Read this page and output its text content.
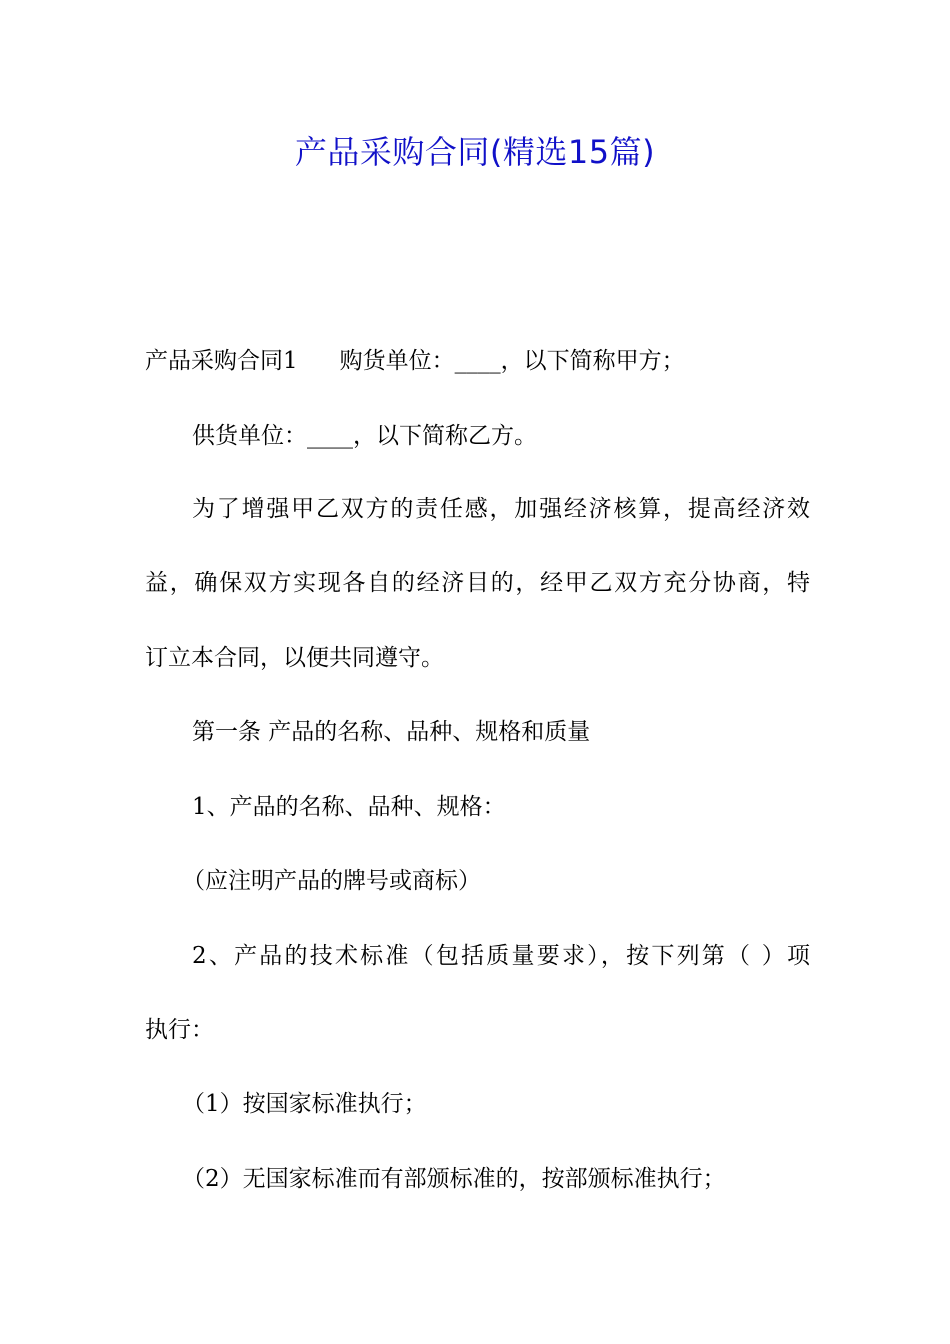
产品采购合同(精选15篇)
产品采购合同1 购货单位：____，以下简称甲方；
供货单位：____，以下简称乙方。
为了增强甲乙双方的责任感，加强经济核算，提高经济效
益，确保双方实现各自的经济目的，经甲乙双方充分协商，特
订立本合同，以便共同遵守。
第一条 产品的名称、品种、规格和质量
1、产品的名称、品种、规格：
（应注明产品的牌号或商标）
2、产品的技术标准（包括质量要求），按下列第（ ）项
执行：
（1）按国家标准执行；
（2）无国家标准而有部颁标准的，按部颁标准执行；
